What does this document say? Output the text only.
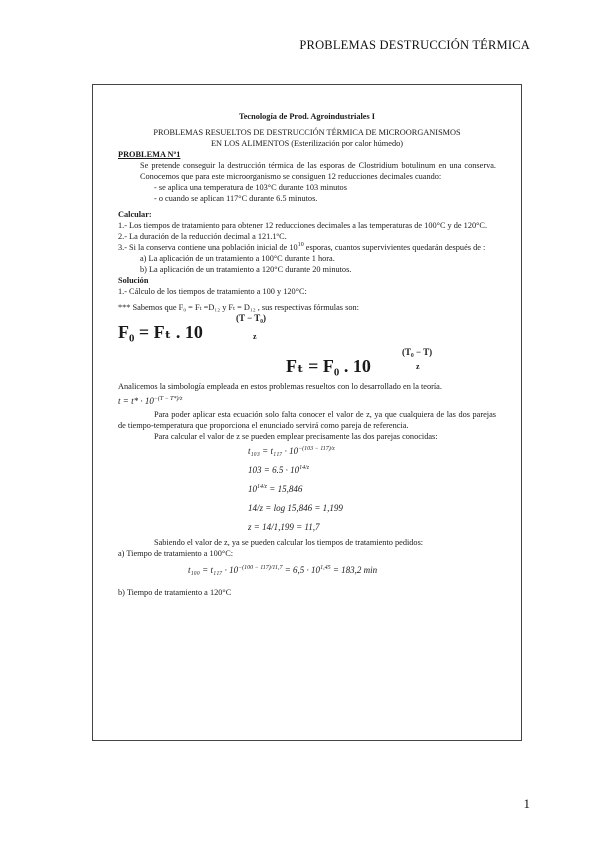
PROBLEMAS DESTRUCCIÓN TÉRMICA

Tecnología de Prod. Agroindustriales I

PROBLEMAS RESUELTOS DE DESTRUCCIÓN TÉRMICA DE MICROORGANISMOS

EN LOS ALIMENTOS (Esterilización por calor húmedo)

PROBLEMA Nº1

Se pretende conseguir la destrucción térmica de las esporas de Clostridium botulinum en una conserva. Conocemos que para este microorganismo se consiguen 12 reducciones decimales cuando:

- se aplica una temperatura de 103°C durante 103 minutos

- o cuando se aplican 117°C durante 6.5 minutos.

Calcular:

1.- Los tiempos de tratamiento para obtener 12 reducciones decimales a las temperaturas de 100°C y de 120°C.

2.- La duración de la reducción decimal a 121.1ºC.

3.- Si la conserva contiene una población inicial de $10^{10}$ esporas, cuantos supervivientes quedarán después de :

a) La aplicación de un tratamiento a 100°C durante 1 hora.

b) La aplicación de un tratamiento a 120°C durante 20 minutos.

Solución

1.- Cálculo de los tiempos de tratamiento a 100 y 120°C:

*** Sabemos que F₀ = Fₜ =D₁₂ y Fₜ = D₁₂ , sus respectivas fórmulas son:

F₀ = Fₜ . 10
(T − T₀)
z
Fₜ = F₀ . 10
(T₀ − T)
z

Analicemos la simbología empleada en estos problemas resueltos con lo desarrollado en la teoría.

$t = t* \cdot 10^{-(T - T*)/z}$

Para poder aplicar esta ecuación solo falta conocer el valor de z, ya que cualquiera de las dos parejas de tiempo-temperatura que proporciona el enunciado servirá como pareja de referencia.

Para calcular el valor de z se pueden emplear precisamente las dos parejas conocidas:

$t_{103} = t_{117} \cdot 10^{-(103 - 117)/z}$

$103 = 6.5 \cdot 10^{14/z}$

$10^{14/z} = 15,846$

14/z = log 15,846 = 1,199

z = 14/1,199 = 11,7

Sabiendo el valor de z, ya se pueden calcular los tiempos de tratamiento pedidos:

a) Tiempo de tratamiento a 100°C:

$t_{100} = t_{117} \cdot 10^{-(100 - 117)/11,7} = 6,5 \cdot 10^{1,45} = 183,2$ min

b) Tiempo de tratamiento a 120°C

1
